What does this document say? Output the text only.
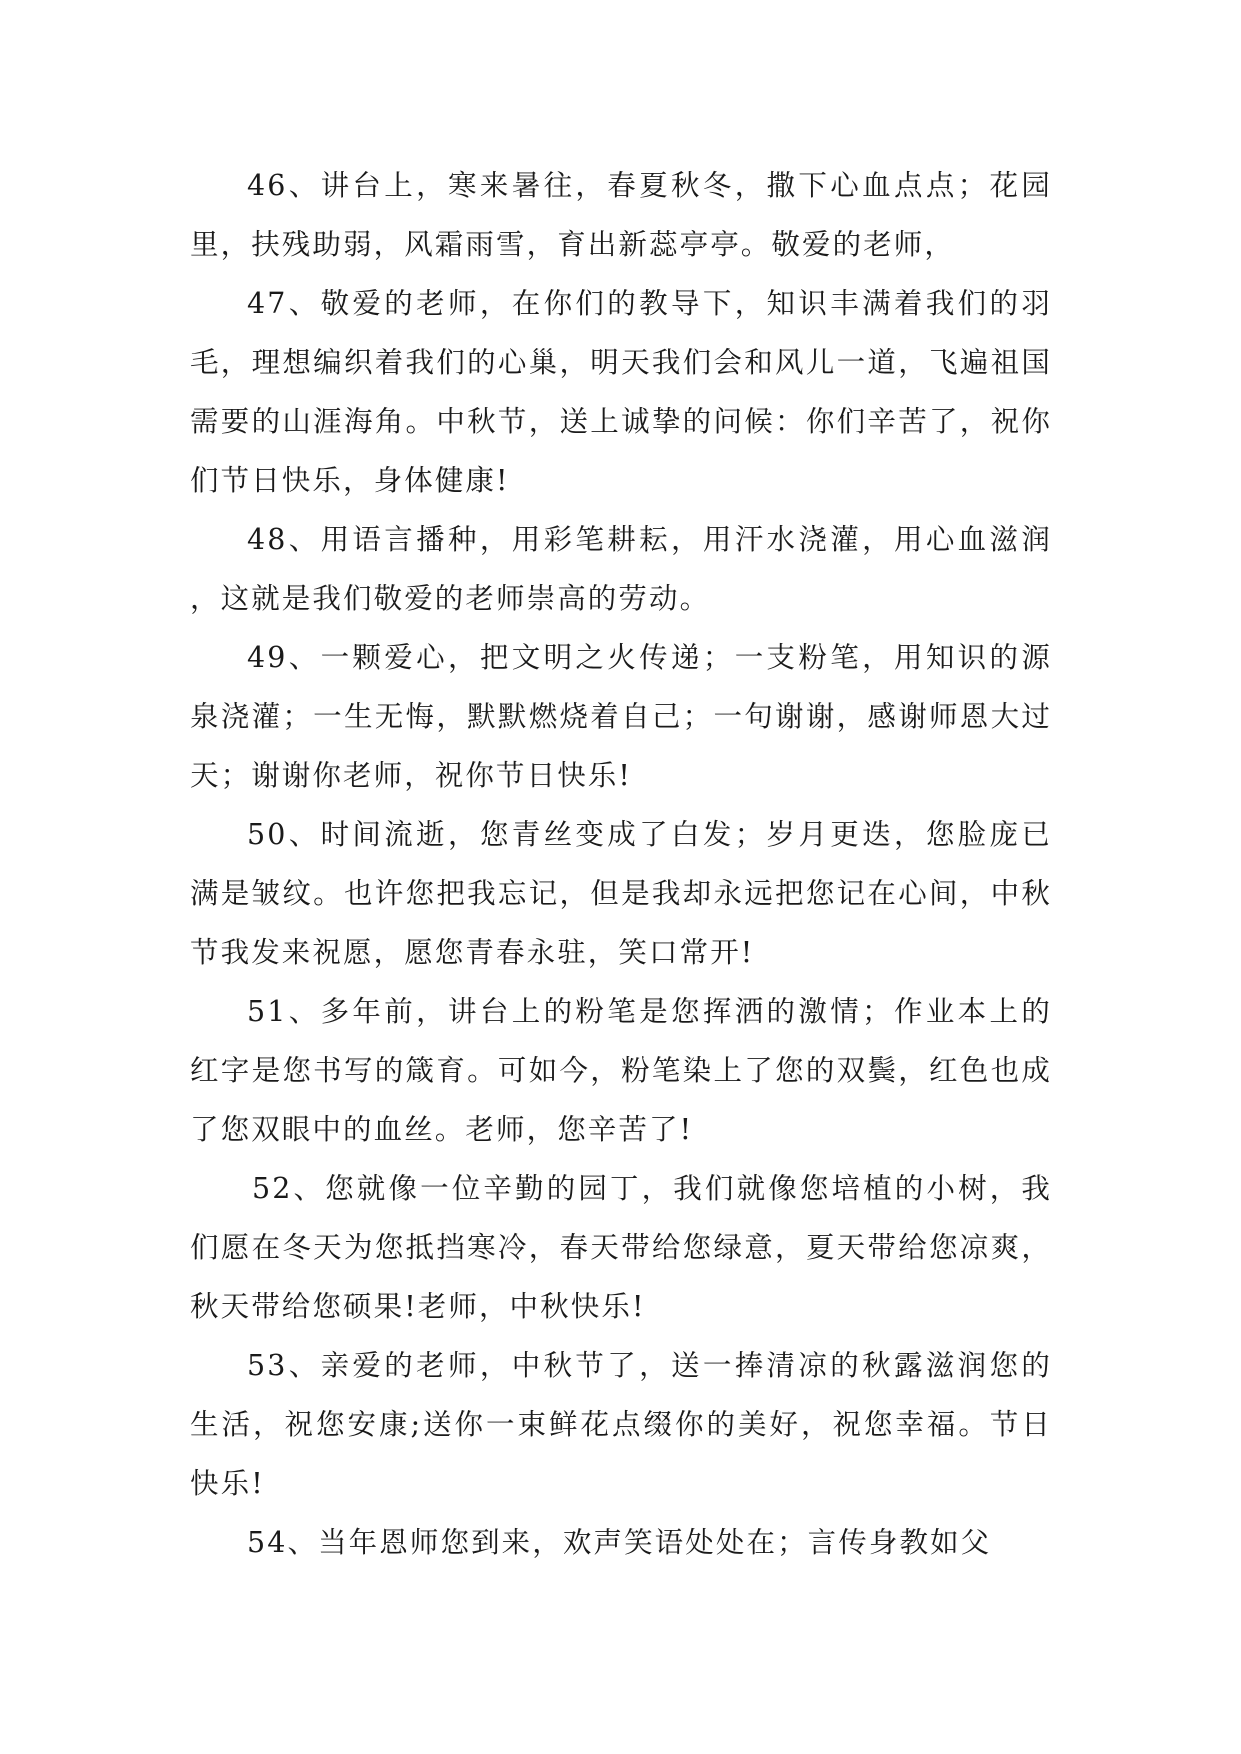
46、讲台上，寒来暑往，春夏秋冬，撒下心血点点；花园里，扶残助弱，风霜雨雪，育出新蕊亭亭。敬爱的老师，

47、敬爱的老师，在你们的教导下，知识丰满着我们的羽毛，理想编织着我们的心巢，明天我们会和风儿一道，飞遍祖国需要的山涯海角。中秋节，送上诚挚的问候：你们辛苦了，祝你们节日快乐，身体健康!

48、用语言播种，用彩笔耕耘，用汗水浇灌，用心血滋润，这就是我们敬爱的老师崇高的劳动。

49、一颗爱心，把文明之火传递；一支粉笔，用知识的源泉浇灌；一生无悔，默默燃烧着自己；一句谢谢，感谢师恩大过天；谢谢你老师，祝你节日快乐!

50、时间流逝，您青丝变成了白发；岁月更迭，您脸庞已满是皱纹。也许您把我忘记，但是我却永远把您记在心间，中秋节我发来祝愿，愿您青春永驻，笑口常开!

51、多年前，讲台上的粉笔是您挥洒的激情；作业本上的红字是您书写的箴育。可如今，粉笔染上了您的双鬓，红色也成了您双眼中的血丝。老师，您辛苦了!

52、您就像一位辛勤的园丁，我们就像您培植的小树，我们愿在冬天为您抵挡寒冷，春天带给您绿意，夏天带给您凉爽，秋天带给您硕果!老师，中秋快乐!

53、亲爱的老师，中秋节了，送一捧清凉的秋露滋润您的生活，祝您安康;送你一束鲜花点缀你的美好，祝您幸福。节日快乐!

54、当年恩师您到来，欢声笑语处处在；言传身教如父
